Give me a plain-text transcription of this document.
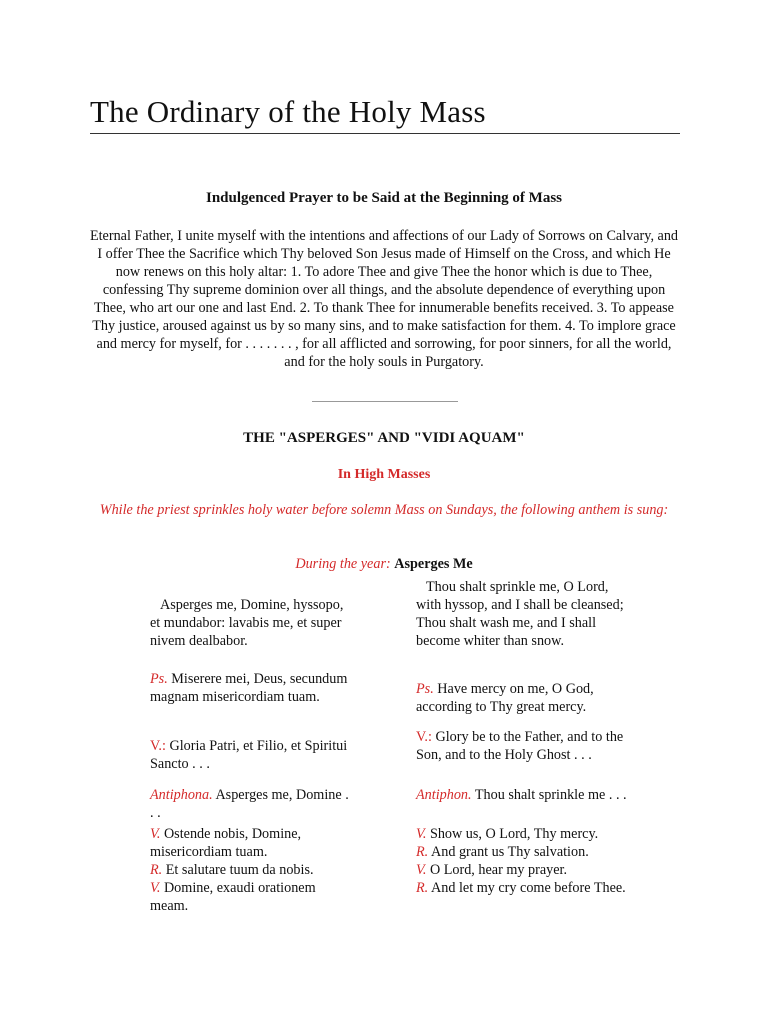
The Ordinary of the Holy Mass
Indulgenced Prayer to be Said at the Beginning of Mass
Eternal Father, I unite myself with the intentions and affections of our Lady of Sorrows on Calvary, and I offer Thee the Sacrifice which Thy beloved Son Jesus made of Himself on the Cross, and which He now renews on this holy altar: 1. To adore Thee and give Thee the honor which is due to Thee, confessing Thy supreme dominion over all things, and the absolute dependence of everything upon Thee, who art our one and last End. 2. To thank Thee for innumerable benefits received. 3. To appease Thy justice, aroused against us by so many sins, and to make satisfaction for them. 4. To implore grace and mercy for myself, for . . . . . . . , for all afflicted and sorrowing, for poor sinners, for all the world, and for the holy souls in Purgatory.
THE "ASPERGES" AND "VIDI AQUAM"
In High Masses
While the priest sprinkles holy water before solemn Mass on Sundays, the following anthem is sung:
During the year: Asperges Me

Asperges me, Domine, hyssopo, et mundabor: lavabis me, et super nivem dealbabor.

Ps. Miserere mei, Deus, secundum magnam misericordiam tuam.

V.: Gloria Patri, et Filio, et Spiritui Sancto . . .

Antiphona. Asperges me, Domine . . .

V. Ostende nobis, Domine, misericordiam tuam.
R. Et salutare tuum da nobis.
V. Domine, exaudi orationem meam.

Thou shalt sprinkle me, O Lord, with hyssop, and I shall be cleansed; Thou shalt wash me, and I shall become whiter than snow.

Ps. Have mercy on me, O God, according to Thy great mercy.

V.: Glory be to the Father, and to the Son, and to the Holy Ghost . . .

Antiphon. Thou shalt sprinkle me . . .

V. Show us, O Lord, Thy mercy.
R. And grant us Thy salvation.
V. O Lord, hear my prayer.
R. And let my cry come before Thee.
